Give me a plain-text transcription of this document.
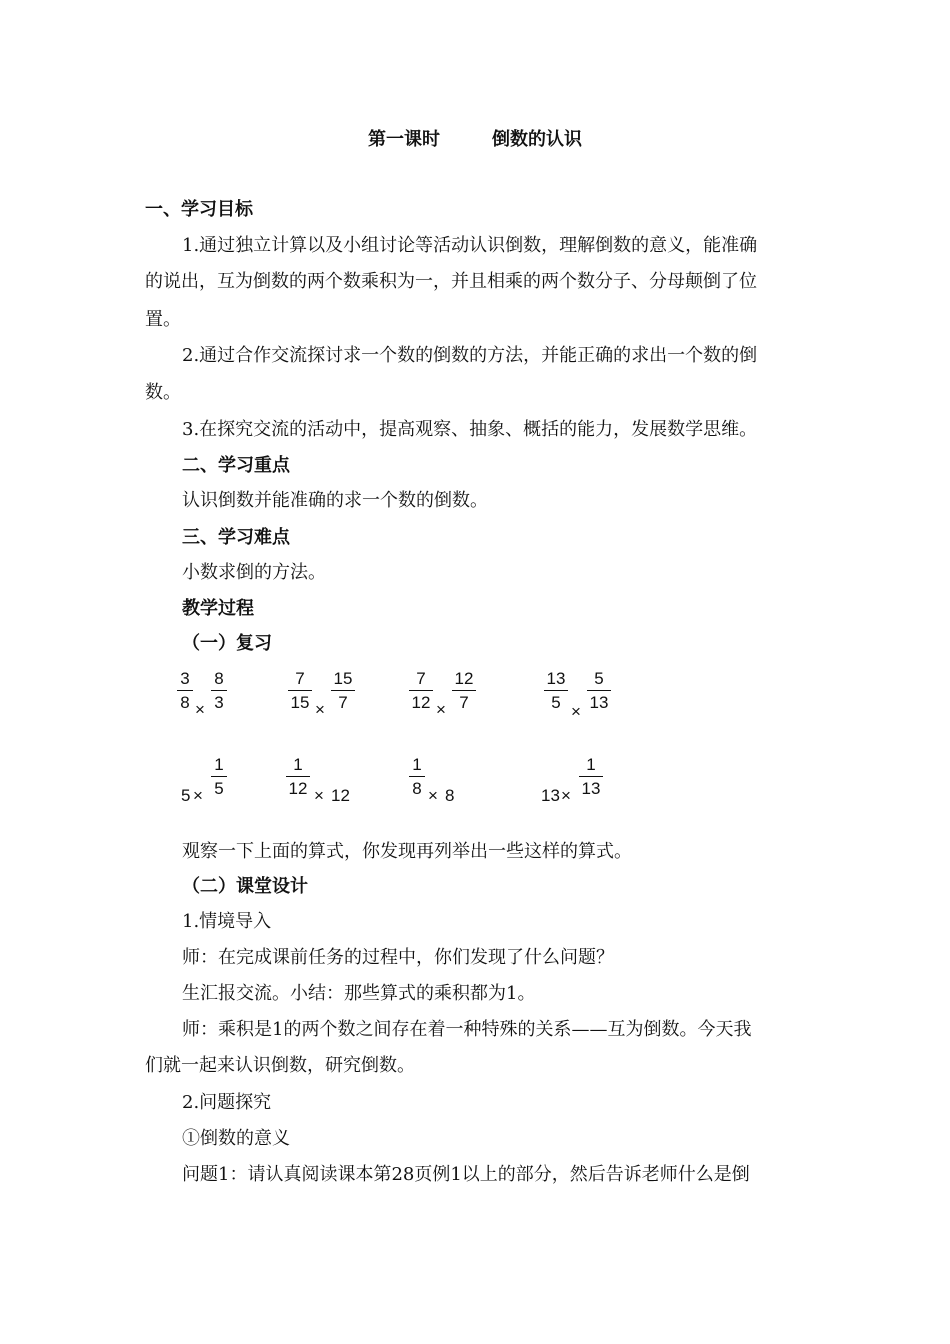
第一课时	倒数的认识
一、学习目标
1.通过独立计算以及小组讨论等活动认识倒数，理解倒数的意义，能准确
的说出，互为倒数的两个数乘积为一，并且相乘的两个数分子、分母颠倒了位
置。
2.通过合作交流探讨求一个数的倒数的方法，并能正确的求出一个数的倒
数。
3.在探究交流的活动中，提高观察、抽象、概括的能力，发展数学思维。
二、学习重点
认识倒数并能准确的求一个数的倒数。
三、学习难点
小数求倒的方法。
教学过程
（一）复习
$\frac{3}{8} \times \frac{8}{3}$	$\frac{7}{15} \times \frac{15}{7}$	$\frac{7}{12} \times \frac{12}{7}$	$\frac{13}{5} \times \frac{5}{13}$
$5 \times \frac{1}{5}$	$\frac{1}{12} \times 12$	$\frac{1}{8} \times 8$	$13 \times \frac{1}{13}$
观察一下上面的算式，你发现再列举出一些这样的算式。
（二）课堂设计
1.情境导入
师：在完成课前任务的过程中，你们发现了什么问题？
生汇报交流。小结：那些算式的乘积都为1。
师：乘积是1的两个数之间存在着一种特殊的关系——互为倒数。今天我
们就一起来认识倒数，研究倒数。
2.问题探究
①倒数的意义
问题1：请认真阅读课本第28页例1以上的部分，然后告诉老师什么是倒
